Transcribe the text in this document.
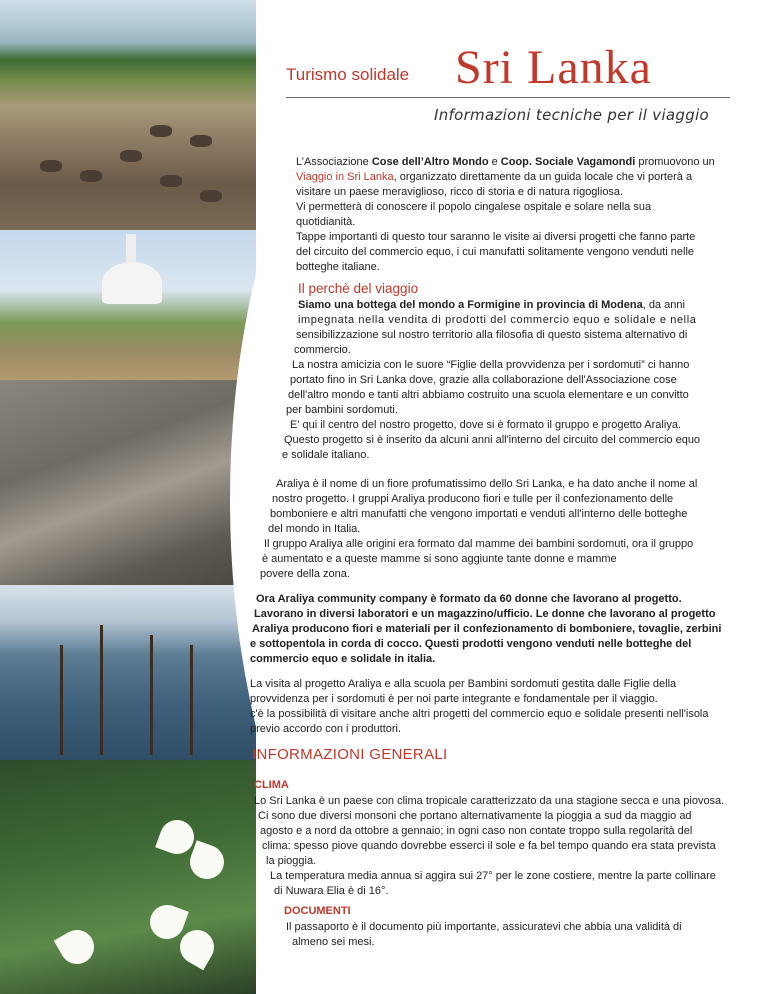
Turismo solidale Sri Lanka
Informazioni tecniche per il viaggio
L’Associazione Cose dell’Altro Mondo e Coop. Sociale Vagamondi promuovono un
Viaggio in Sri Lanka, organizzato direttamente da un guida locale che vi porterà a
visitare un paese meraviglioso, ricco di storia e di natura rigogliosa.
Vi permetterà di conoscere il popolo cingalese ospitale e solare nella sua
quotidianità.
Tappe importanti di questo tour saranno le visite ai diversi progetti che fanno parte
del circuito del commercio equo, i cui manufatti solitamente vengono venduti nelle
botteghe italiane.
Il perchè del viaggio
Siamo una bottega del mondo a Formigine in provincia di Modena, da anni
impegnata nella vendita di prodotti del commercio equo e solidale e nella
sensibilizzazione sul nostro territorio alla filosofia di questo sistema alternativo di
commercio.
La nostra amicizia con le suore “Figlie della provvidenza per i sordomuti” ci hanno
portato fino in Sri Lanka dove, grazie alla collaborazione dell'Associazione cose
dell'altro mondo e tanti altri abbiamo costruito una scuola elementare e un convitto
per bambini sordomuti.
E' qui il centro del nostro progetto, dove si è formato il gruppo e progetto Araliya.
Questo progetto si è inserito da alcuni anni all'interno del circuito del commercio equo
e solidale italiano.
Araliya è il nome di un fiore profumatissimo dello Sri Lanka, e ha dato anche il nome al
nostro progetto. I gruppi Araliya producono fiori e tulle per il confezionamento delle
bomboniere e altri manufatti che vengono importati e venduti all'interno delle botteghe
del mondo in Italia.
Il gruppo Araliya alle origini era formato dal mamme dei bambini sordomuti, ora il gruppo
è aumentato e a queste mamme si sono aggiunte tante donne e mamme
povere della zona.
Ora Araliya community company è formato da 60 donne che lavorano al progetto.
Lavorano in diversi laboratori e un magazzino/ufficio. Le donne che lavorano al progetto
Araliya producono fiori e materiali per il confezionamento di bomboniere, tovaglie, zerbini
e sottopentola in corda di cocco. Questi prodotti vengono venduti nelle botteghe del
commercio equo e solidale in italia.
La visita al progetto Araliya e alla scuola per Bambini sordomuti gestita dalle Figlie della
provvidenza per i sordomuti è per noi parte integrante e fondamentale per il viaggio.
c'è la possibilità di visitare anche altri progetti del commercio equo e solidale presenti nell'isola
previo accordo con i produttori.
INFORMAZIONI GENERALI
CLIMA
Lo Sri Lanka è un paese con clima tropicale caratterizzato da una stagione secca e una piovosa.
Ci sono due diversi monsoni che portano alternativamente la pioggia a sud da maggio ad
agosto e a nord da ottobre a gennaio; in ogni caso non contate troppo sulla regolarità del
clima: spesso piove quando dovrebbe esserci il sole e fa bel tempo quando era stata prevista
la pioggia.
La temperatura media annua si aggira sui 27° per le zone costiere, mentre la parte collinare
di Nuwara Elia è di 16°.
DOCUMENTI
Il passaporto è il documento più importante, assicuratevi che abbia una validità di
almeno sei mesi.
